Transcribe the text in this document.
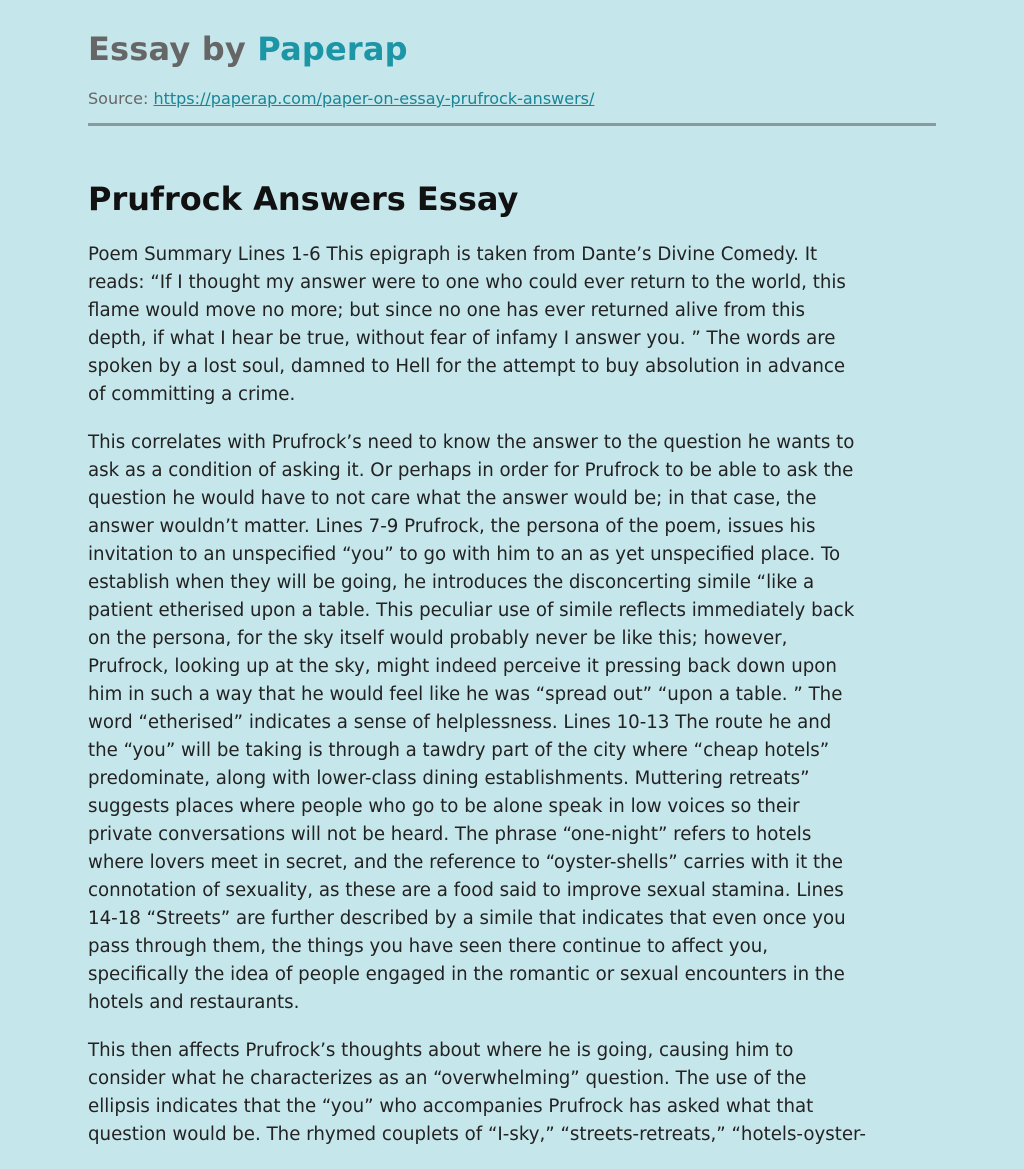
Essay by Paperap
Source: https://paperap.com/paper-on-essay-prufrock-answers/
Prufrock Answers Essay

Poem Summary Lines 1-6 This epigraph is taken from Dante’s Divine Comedy. It
reads: “If I thought my answer were to one who could ever return to the world, this
flame would move no more; but since no one has ever returned alive from this
depth, if what I hear be true, without fear of infamy I answer you. ” The words are
spoken by a lost soul, damned to Hell for the attempt to buy absolution in advance
of committing a crime.

This correlates with Prufrock’s need to know the answer to the question he wants to
ask as a condition of asking it. Or perhaps in order for Prufrock to be able to ask the
question he would have to not care what the answer would be; in that case, the
answer wouldn’t matter. Lines 7-9 Prufrock, the persona of the poem, issues his
invitation to an unspecified “you” to go with him to an as yet unspecified place. To
establish when they will be going, he introduces the disconcerting simile “like a
patient etherised upon a table. This peculiar use of simile reflects immediately back
on the persona, for the sky itself would probably never be like this; however,
Prufrock, looking up at the sky, might indeed perceive it pressing back down upon
him in such a way that he would feel like he was “spread out” “upon a table. ” The
word “etherised” indicates a sense of helplessness. Lines 10-13 The route he and
the “you” will be taking is through a tawdry part of the city where “cheap hotels”
predominate, along with lower-class dining establishments. Muttering retreats”
suggests places where people who go to be alone speak in low voices so their
private conversations will not be heard. The phrase “one-night” refers to hotels
where lovers meet in secret, and the reference to “oyster-shells” carries with it the
connotation of sexuality, as these are a food said to improve sexual stamina. Lines
14-18 “Streets” are further described by a simile that indicates that even once you
pass through them, the things you have seen there continue to affect you,
specifically the idea of people engaged in the romantic or sexual encounters in the
hotels and restaurants.

This then affects Prufrock’s thoughts about where he is going, causing him to
consider what he characterizes as an “overwhelming” question. The use of the
ellipsis indicates that the “you” who accompanies Prufrock has asked what that
question would be. The rhymed couplets of “I-sky,” “streets-retreats,” “hotels-oyster-
